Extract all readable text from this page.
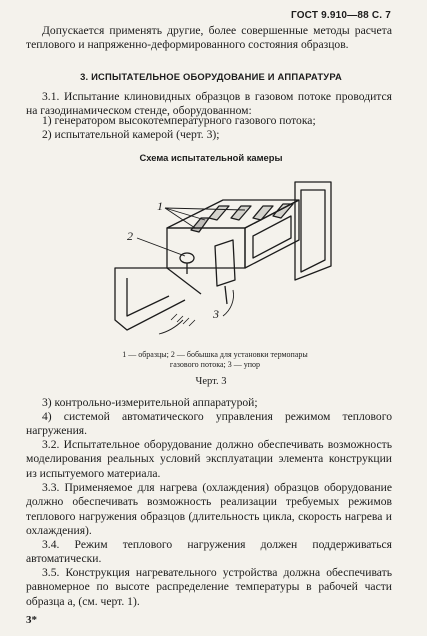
ГОСТ 9.910—88 С. 7
Допускается применять другие, более совершенные методы расчета теплового и напряженно-деформированного состояния образцов.
3. ИСПЫТАТЕЛЬНОЕ ОБОРУДОВАНИЕ И АППАРАТУРА
3.1. Испытание клиновидных образцов в газовом потоке проводится на газодинамическом стенде, оборудованном:
1) генератором высокотемпературного газового потока;
2) испытательной камерой (черт. 3);
Схема испытательной камеры
1
2
3
1 — образцы; 2 — бобышка для установки термопары
газового потока; 3 — упор
Черт. 3
3) контрольно-измерительной аппаратурой;
4) системой автоматического управления режимом теплового нагружения.
3.2. Испытательное оборудование должно обеспечивать возможность моделирования реальных условий эксплуатации элемента конструкции из испытуемого материала.
3.3. Применяемое для нагрева (охлаждения) образцов оборудование должно обеспечивать возможность реализации требуемых режимов теплового нагружения образцов (длительность цикла, скорость нагрева и охлаждения).
3.4. Режим теплового нагружения должен поддерживаться автоматически.
3.5. Конструкция нагревательного устройства должна обеспечивать равномерное по высоте распределение температуры в рабочей части образца a, (см. черт. 1).
3*
